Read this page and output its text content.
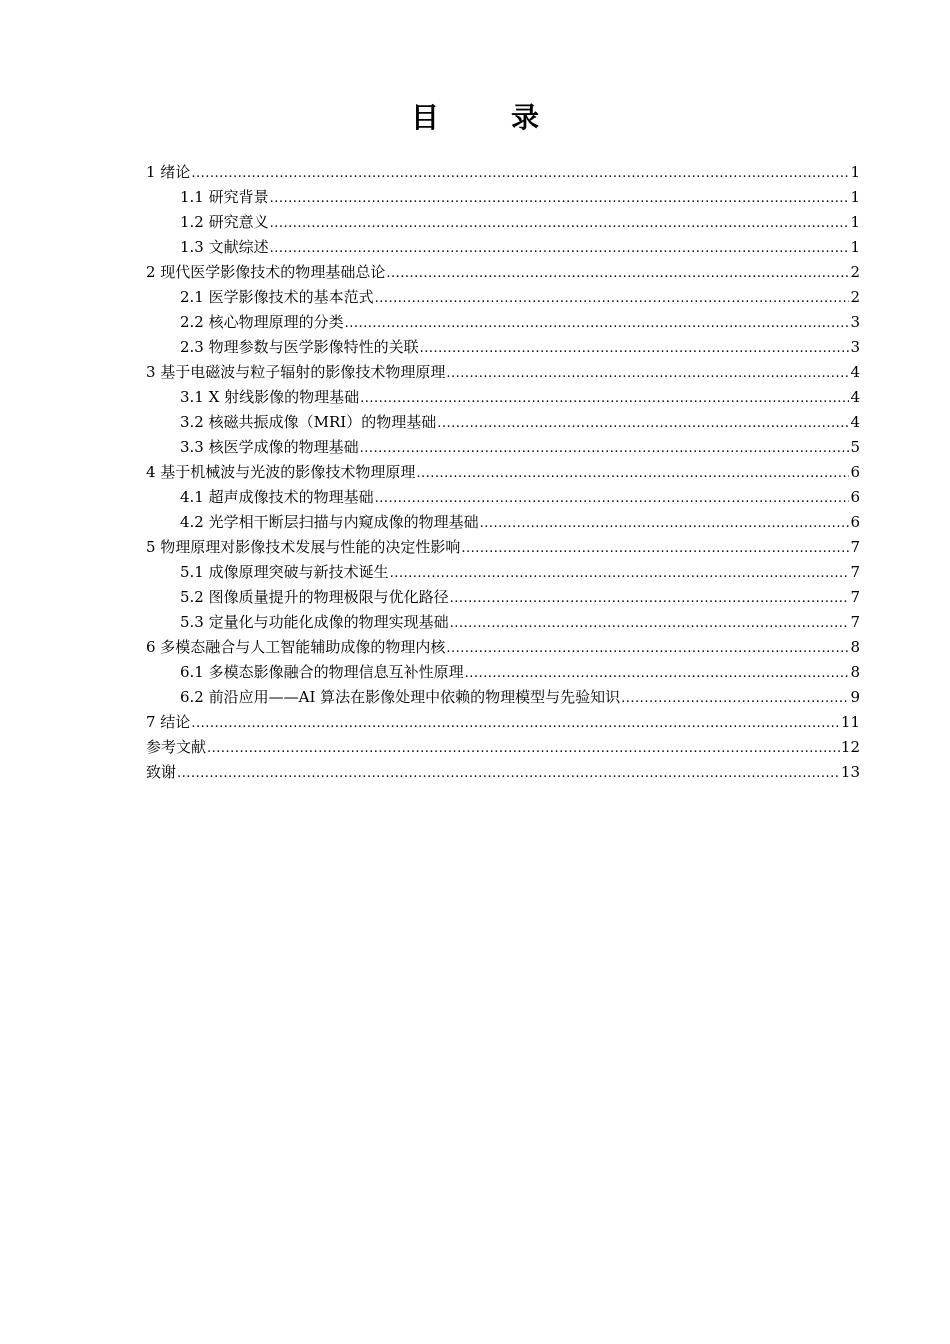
目　录
1 绪论 .....	1
1.1 研究背景 .....	1
1.2 研究意义 .....	1
1.3 文献综述 .....	1
2 现代医学影像技术的物理基础总论 .....	2
2.1 医学影像技术的基本范式 .....	2
2.2 核心物理原理的分类 .....	3
2.3 物理参数与医学影像特性的关联 .....	3
3 基于电磁波与粒子辐射的影像技术物理原理 .....	4
3.1 X 射线影像的物理基础 .....	4
3.2 核磁共振成像（MRI）的物理基础 .....	4
3.3 核医学成像的物理基础 .....	5
4 基于机械波与光波的影像技术物理原理 .....	6
4.1 超声成像技术的物理基础 .....	6
4.2 光学相干断层扫描与内窥成像的物理基础 .....	6
5 物理原理对影像技术发展与性能的决定性影响 .....	7
5.1 成像原理突破与新技术诞生 .....	7
5.2 图像质量提升的物理极限与优化路径 .....	7
5.3 定量化与功能化成像的物理实现基础 .....	7
6 多模态融合与人工智能辅助成像的物理内核 .....	8
6.1 多模态影像融合的物理信息互补性原理 .....	8
6.2 前沿应用——AI 算法在影像处理中依赖的物理模型与先验知识 .....	9
7 结论 .....	11
参考文献 .....	12
致谢 .....	13
